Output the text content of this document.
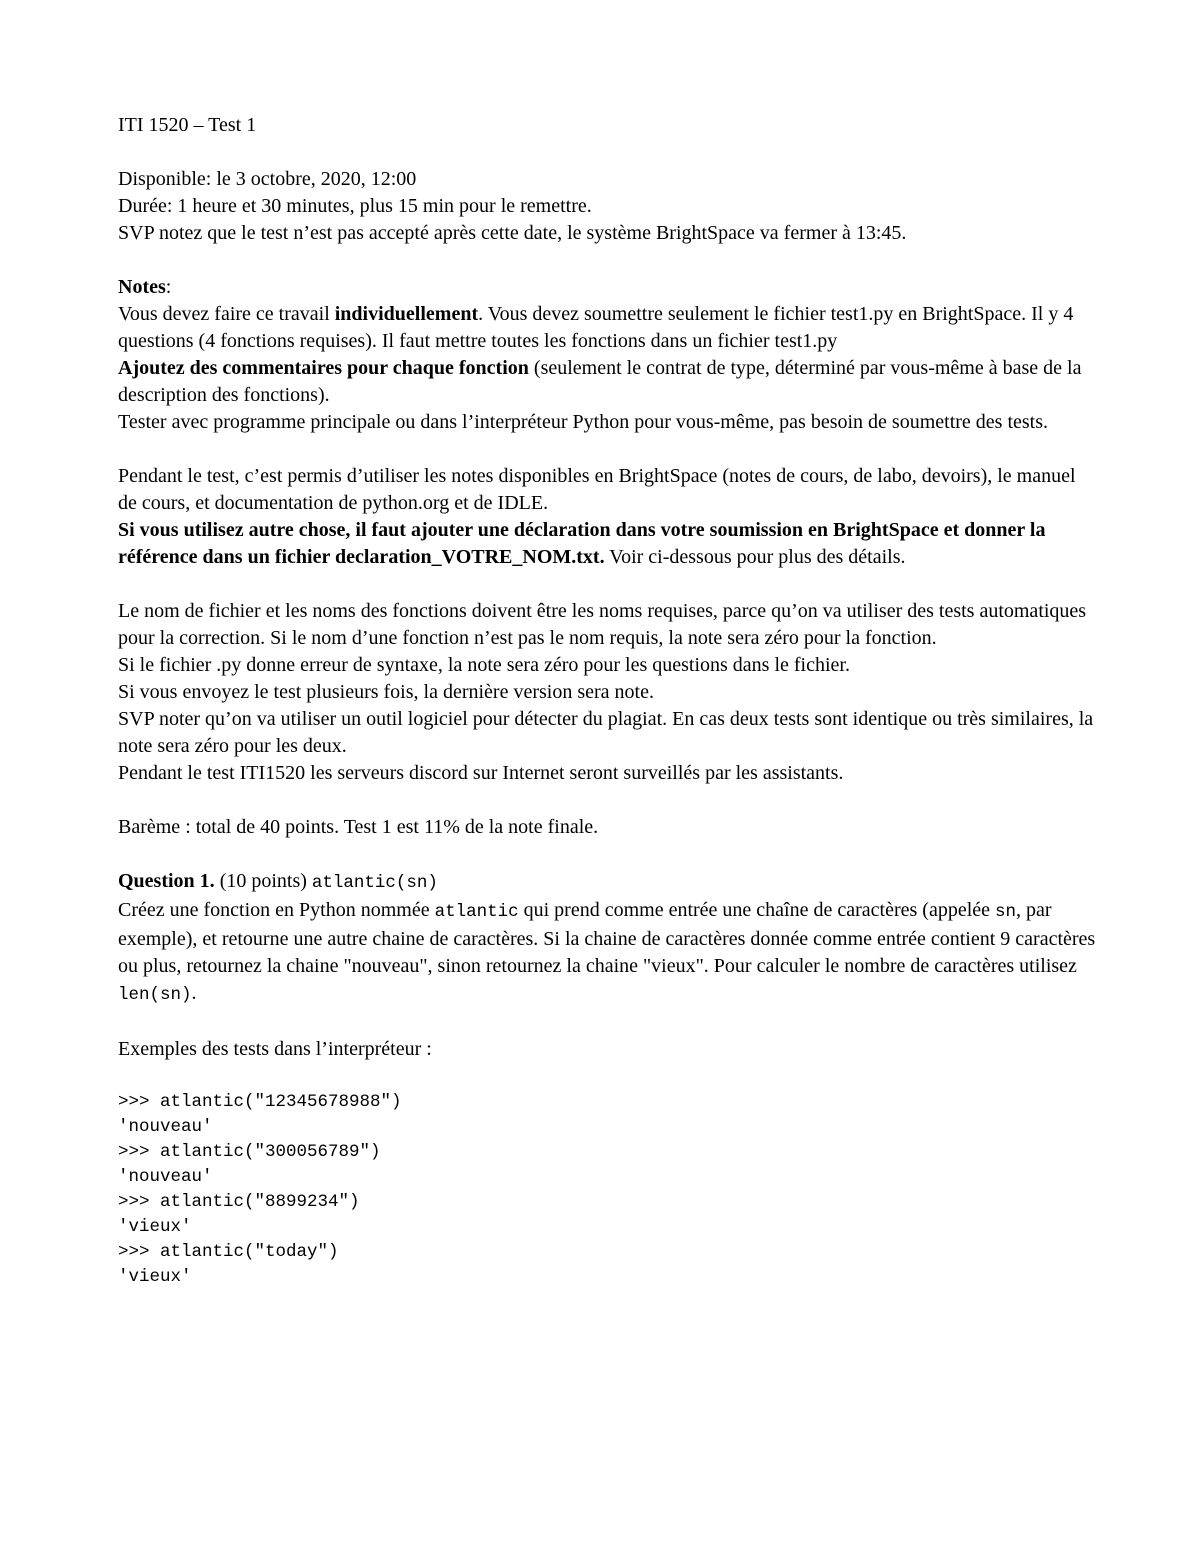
ITI 1520 – Test 1

Disponible: le 3 octobre, 2020, 12:00

Durée: 1 heure et 30 minutes, plus 15 min pour le remettre.

SVP notez que le test n’est pas accepté après cette date, le système BrightSpace va fermer à 13:45.

Notes:

Vous devez faire ce travail individuellement. Vous devez soumettre seulement le fichier test1.py en BrightSpace. Il y 4 questions (4 fonctions requises). Il faut mettre toutes les fonctions dans un fichier test1.py

Ajoutez des commentaires pour chaque fonction (seulement le contrat de type, déterminé par vous-même à base de la description des fonctions).

Tester avec programme principale ou dans l’interpréteur Python pour vous-même, pas besoin de soumettre des tests.

Pendant le test, c’est permis d’utiliser les notes disponibles en BrightSpace (notes de cours, de labo, devoirs), le manuel de cours, et documentation de python.org et de IDLE.

Si vous utilisez autre chose, il faut ajouter une déclaration dans votre soumission en BrightSpace et donner la référence dans un fichier declaration_VOTRE_NOM.txt. Voir ci-dessous pour plus des détails.

Le nom de fichier et les noms des fonctions doivent être les noms requises, parce qu’on va utiliser des tests automatiques pour la correction. Si le nom d’une fonction n’est pas le nom requis, la note sera zéro pour la fonction.

Si le fichier .py donne erreur de syntaxe, la note sera zéro pour les questions dans le fichier.

Si vous envoyez le test plusieurs fois, la dernière version sera note.

SVP noter qu’on va utiliser un outil logiciel pour détecter du plagiat. En cas deux tests sont identique ou très similaires, la note sera zéro pour les deux.

Pendant le test ITI1520 les serveurs discord sur Internet seront surveillés par les assistants.

Barème : total de 40 points. Test 1 est 11% de la note finale.

Question 1. (10 points) atlantic(sn)

Créez une fonction en Python nommée atlantic qui prend comme entrée une chaîne de caractères (appelée sn, par exemple), et retourne une autre chaine de caractères. Si la chaine de caractères donnée comme entrée contient 9 caractères ou plus, retournez la chaine "nouveau", sinon retournez la chaine "vieux". Pour calculer le nombre de caractères utilisez len(sn).

Exemples des tests dans l’interpréteur :

>>> atlantic("12345678988")

'nouveau'

>>> atlantic("300056789")

'nouveau'

>>> atlantic("8899234")

'vieux'

>>> atlantic("today")

'vieux'
